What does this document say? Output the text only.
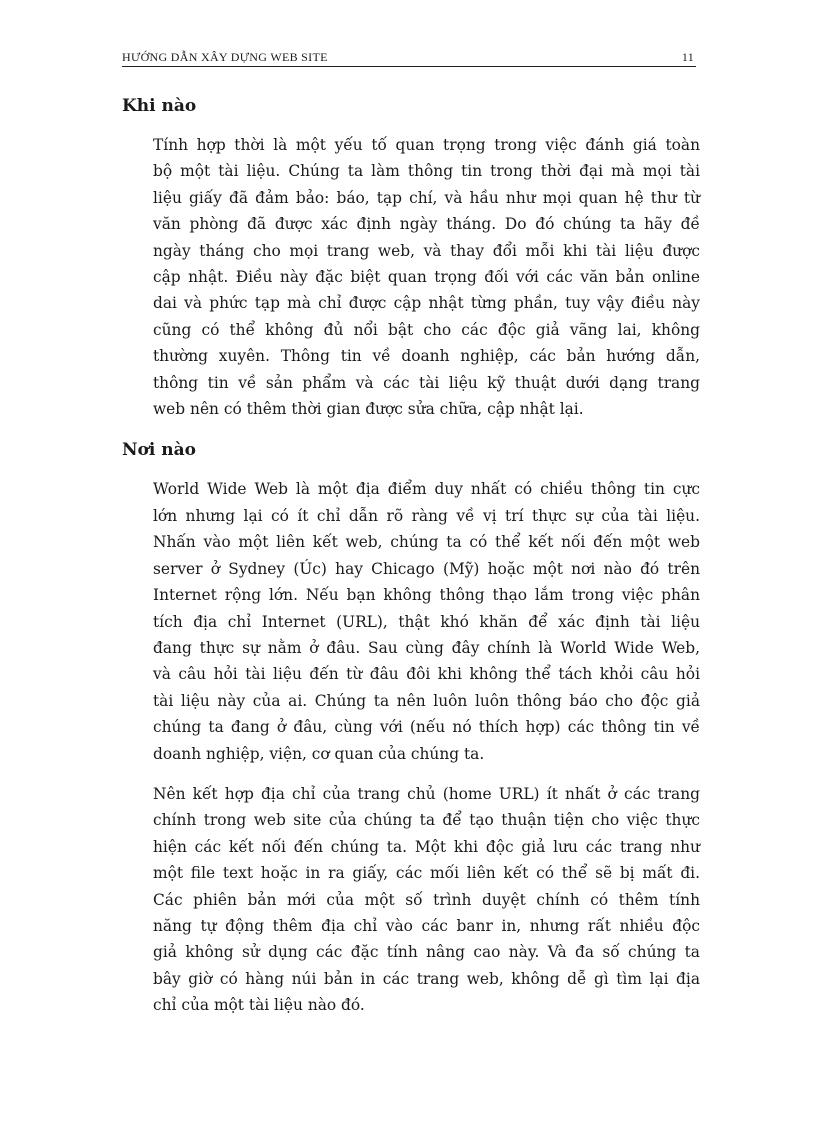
HƯỚNG DẪN XÂY DỰNG WEB SITE	11
Khi nào

Tính hợp thời là một yếu tố quan trọng trong việc đánh giá toàn
bộ một tài liệu. Chúng ta làm thông tin trong thời đại mà mọi tài
liệu giấy đã đảm bảo: báo, tạp chí, và hầu như mọi quan hệ thư từ
văn phòng đã được xác định ngày tháng. Do đó chúng ta hãy đề
ngày tháng cho mọi trang web, và thay đổi mỗi khi tài liệu được
cập nhật. Điều này đặc biệt quan trọng đối với các văn bản online
dai và phức tạp mà chỉ được cập nhật từng phần, tuy vậy điều này
cũng có thể không đủ nổi bật cho các độc giả vãng lai, không
thường xuyên. Thông tin về doanh nghiệp, các bản hướng dẫn,
thông tin về sản phẩm và các tài liệu kỹ thuật dưới dạng trang
web nên có thêm thời gian được sửa chữa, cập nhật lại.

Nơi nào

World Wide Web là một địa điểm duy nhất có chiều thông tin cực
lớn nhưng lại có ít chỉ dẫn rõ ràng về vị trí thực sự của tài liệu.
Nhấn vào một liên kết web, chúng ta có thể kết nối đến một web
server ở Sydney (Úc) hay Chicago (Mỹ) hoặc một nơi nào đó trên
Internet rộng lớn. Nếu bạn không thông thạo lắm trong việc phân
tích địa chỉ Internet (URL), thật khó khăn để xác định tài liệu
đang thực sự nằm ở đâu. Sau cùng đây chính là World Wide Web,
và câu hỏi tài liệu đến từ đâu đôi khi không thể tách khỏi câu hỏi
tài liệu này của ai. Chúng ta nên luôn luôn thông báo cho độc giả
chúng ta đang ở đâu, cùng với (nếu nó thích hợp) các thông tin về
doanh nghiệp, viện, cơ quan của chúng ta.

Nên kết hợp địa chỉ của trang chủ (home URL) ít nhất ở các trang
chính trong web site của chúng ta để tạo thuận tiện cho việc thực
hiện các kết nối đến chúng ta. Một khi độc giả lưu các trang như
một file text hoặc in ra giấy, các mối liên kết có thể sẽ bị mất đi.
Các phiên bản mới của một số trình duyệt chính có thêm tính
năng tự động thêm địa chỉ vào các banr in, nhưng rất nhiều độc
giả không sử dụng các đặc tính nâng cao này. Và đa số chúng ta
bây giờ có hàng núi bản in các trang web, không dễ gì tìm lại địa
chỉ của một tài liệu nào đó.
